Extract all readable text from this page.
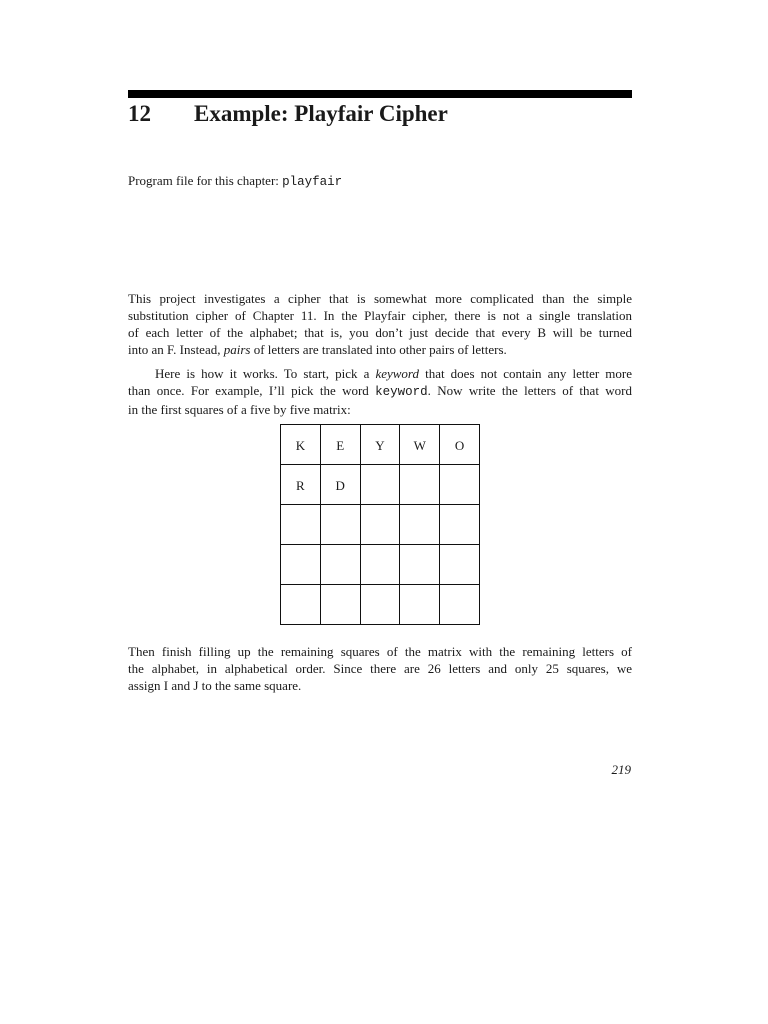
12 Example: Playfair Cipher
Program file for this chapter: playfair
This project investigates a cipher that is somewhat more complicated than the simple
substitution cipher of Chapter 11. In the Playfair cipher, there is not a single translation
of each letter of the alphabet; that is, you don’t just decide that every B will be turned
into an F. Instead, pairs of letters are translated into other pairs of letters.
Here is how it works. To start, pick a keyword that does not contain any letter more
than once. For example, I’ll pick the word keyword. Now write the letters of that word
in the first squares of a five by five matrix:
K	E	Y	W	O
R	D			

Then finish filling up the remaining squares of the matrix with the remaining letters of
the alphabet, in alphabetical order. Since there are 26 letters and only 25 squares, we
assign I and J to the same square.
219
